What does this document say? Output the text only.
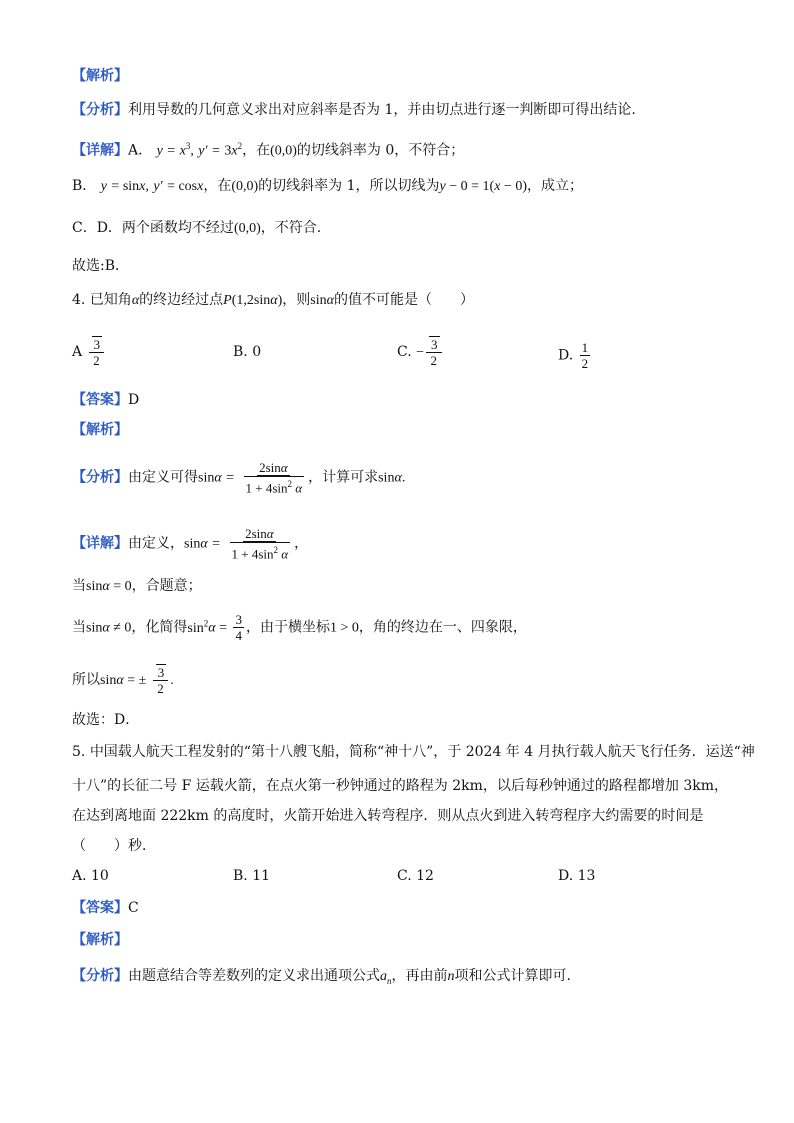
【解析】
【分析】利用导数的几何意义求出对应斜率是否为 1，并由切点进行逐一判断即可得出结论.
【详解】A． $y = x^3$, $y' = 3x^2$，在(0,0)的切线斜率为 0，不符合；
B． y = sinx, y′ = cosx，在(0,0)的切线斜率为 1，所以切线为y − 0 = 1(x − 0)，成立；
C．D．两个函数均不经过(0,0)，不符合.
故选:B．
4. 已知角α的终边经过点P(1,2sinα)，则sinα的值不可能是（　　）
A $\frac{3}{2}$	B. 0	C. − $\frac{3}{2}$	D. $\frac{1}{2}$
【答案】D
【解析】
【分析】由定义可得$\sin\alpha = \frac{2\sin\alpha}{1 + 4\sin^2 \alpha}$ ，计算可求sinα.
【详解】由定义，$\sin\alpha = \frac{2\sin\alpha}{1 + 4\sin^2 \alpha}$ ，
当sinα = 0，合题意；
当sinα ≠ 0，化简得$\sin^2\alpha = \frac{3}{4}$ ，由于横坐标1 > 0，角的终边在一、四象限，
所以sinα = ± $\frac{3}{2}$ .
故选：D．
5. 中国载人航天工程发射的“第十八艘飞船，简称“神十八”，于 2024 年 4 月执行载人航天飞行任务．运送“神
十八”的长征二号 F 运载火箭，在点火第一秒钟通过的路程为 2km，以后每秒钟通过的路程都增加 3km，
在达到离地面 222km 的高度时，火箭开始进入转弯程序．则从点火到进入转弯程序大约需要的时间是
（　　）秒．
A. 10	B. 11	C. 12	D. 13
【答案】C
【解析】
【分析】由题意结合等差数列的定义求出通项公式$a_n$，再由前n项和公式计算即可.
